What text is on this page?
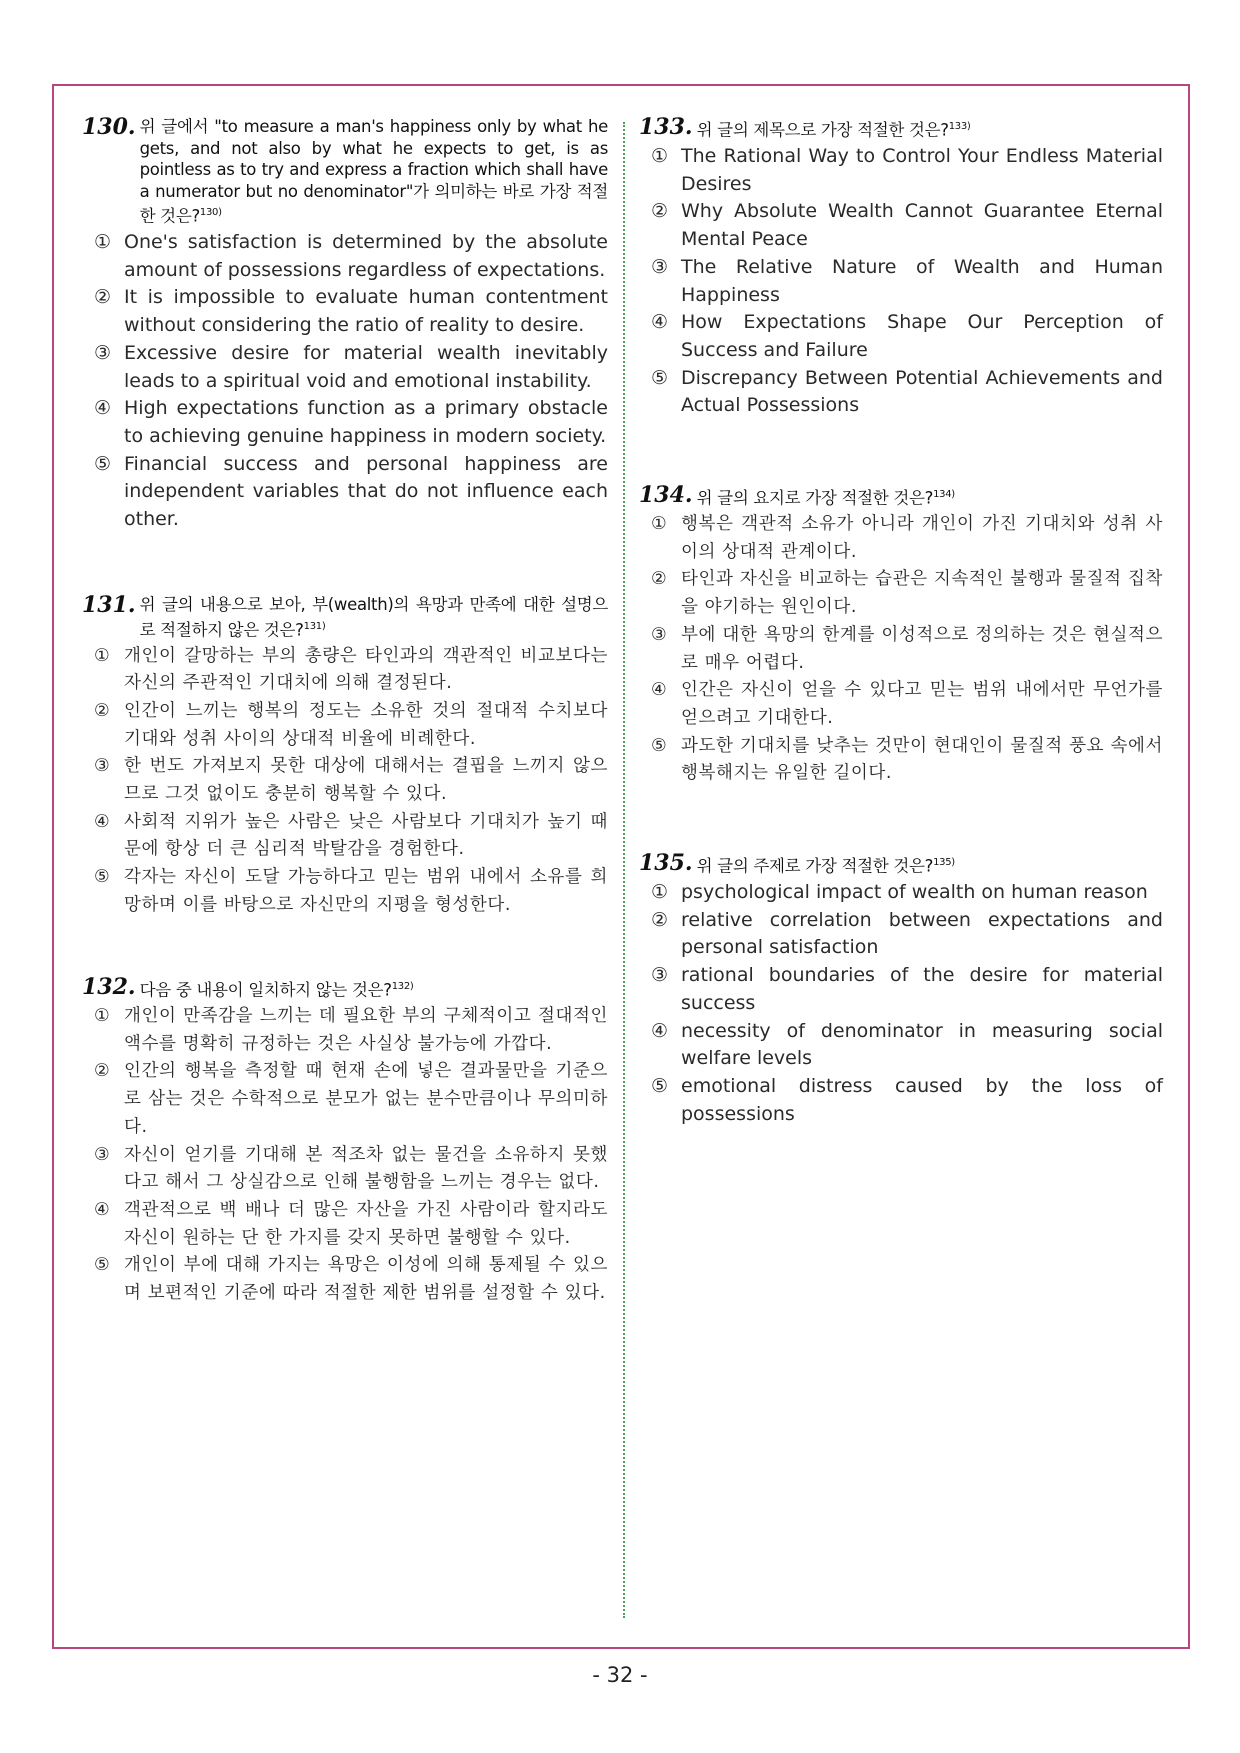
130. 위 글에서 "to measure a man's happiness only by what he gets, and not also by what he expects to get, is as pointless as to try and express a fraction which shall have a numerator but no denominator"가 의미하는 바로 가장 적절한 것은?$^{130)}$
① One's satisfaction is determined by the absolute amount of possessions regardless of expectations.
② It is impossible to evaluate human contentment without considering the ratio of reality to desire.
③ Excessive desire for material wealth inevitably leads to a spiritual void and emotional instability.
④ High expectations function as a primary obstacle to achieving genuine happiness in modern society.
⑤ Financial success and personal happiness are independent variables that do not influence each other.
131. 위 글의 내용으로 보아, 부(wealth)의 욕망과 만족에 대한 설명으로 적절하지 않은 것은?$^{131)}$
① 개인이 갈망하는 부의 총량은 타인과의 객관적인 비교보다는 자신의 주관적인 기대치에 의해 결정된다.
② 인간이 느끼는 행복의 정도는 소유한 것의 절대적 수치보다 기대와 성취 사이의 상대적 비율에 비례한다.
③ 한 번도 가져보지 못한 대상에 대해서는 결핍을 느끼지 않으므로 그것 없이도 충분히 행복할 수 있다.
④ 사회적 지위가 높은 사람은 낮은 사람보다 기대치가 높기 때문에 항상 더 큰 심리적 박탈감을 경험한다.
⑤ 각자는 자신이 도달 가능하다고 믿는 범위 내에서 소유를 희망하며 이를 바탕으로 자신만의 지평을 형성한다.
132. 다음 중 내용이 일치하지 않는 것은?$^{132)}$
① 개인이 만족감을 느끼는 데 필요한 부의 구체적이고 절대적인 액수를 명확히 규정하는 것은 사실상 불가능에 가깝다.
② 인간의 행복을 측정할 때 현재 손에 넣은 결과물만을 기준으로 삼는 것은 수학적으로 분모가 없는 분수만큼이나 무의미하다.
③ 자신이 얻기를 기대해 본 적조차 없는 물건을 소유하지 못했다고 해서 그 상실감으로 인해 불행함을 느끼는 경우는 없다.
④ 객관적으로 백 배나 더 많은 자산을 가진 사람이라 할지라도 자신이 원하는 단 한 가지를 갖지 못하면 불행할 수 있다.
⑤ 개인이 부에 대해 가지는 욕망은 이성에 의해 통제될 수 있으며 보편적인 기준에 따라 적절한 제한 범위를 설정할 수 있다.
133. 위 글의 제목으로 가장 적절한 것은?$^{133)}$
① The Rational Way to Control Your Endless Material Desires
② Why Absolute Wealth Cannot Guarantee Eternal Mental Peace
③ The Relative Nature of Wealth and Human Happiness
④ How Expectations Shape Our Perception of Success and Failure
⑤ Discrepancy Between Potential Achievements and Actual Possessions
134. 위 글의 요지로 가장 적절한 것은?$^{134)}$
① 행복은 객관적 소유가 아니라 개인이 가진 기대치와 성취 사이의 상대적 관계이다.
② 타인과 자신을 비교하는 습관은 지속적인 불행과 물질적 집착을 야기하는 원인이다.
③ 부에 대한 욕망의 한계를 이성적으로 정의하는 것은 현실적으로 매우 어렵다.
④ 인간은 자신이 얻을 수 있다고 믿는 범위 내에서만 무언가를 얻으려고 기대한다.
⑤ 과도한 기대치를 낮추는 것만이 현대인이 물질적 풍요 속에서 행복해지는 유일한 길이다.
135. 위 글의 주제로 가장 적절한 것은?$^{135)}$
① psychological impact of wealth on human reason
② relative correlation between expectations and personal satisfaction
③ rational boundaries of the desire for material success
④ necessity of denominator in measuring social welfare levels
⑤ emotional distress caused by the loss of possessions
- 32 -
